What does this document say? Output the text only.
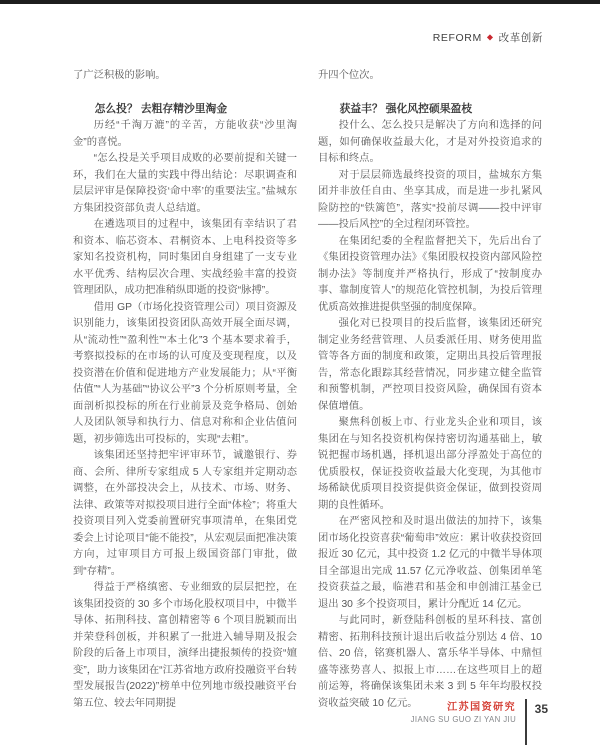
REFORM ◆ 改革创新

了广泛积极的影响。

怎么投？ 去粗存精沙里淘金

历经“千淘万漉”的辛苦，方能收获“沙里淘金”的喜悦。

“怎么投是关乎项目成败的必要前提和关键一环，我们在大量的实践中得出结论：尽职调查和层层评审是保障投资‘命中率’的重要法宝。”盐城东方集团投资部负责人总结道。

在遴选项目的过程中，该集团有幸结识了君和资本、临芯资本、君桐资本、上电科投资等多家知名投资机构，同时集团自身组建了一支专业水平优秀、结构层次合理、实战经验丰富的投资管理团队，成功把准稍纵即逝的投资“脉搏”。

借用 GP（市场化投资管理公司）项目资源及识别能力，该集团投资团队高效开展全面尽调，从“流动性”“盈利性”“本土化”3 个基本要求着手，考察拟投标的在市场的认可度及变现程度，以及投资潜在价值和促进地方产业发展能力；从“平衡估值”“人为基础”“协议公平”3 个分析原则考量，全面剖析拟投标的所在行业前景及竞争格局、创始人及团队领导和执行力、信息对称和企业估值问题，初步筛选出可投标的，实现“去粗”。

该集团还坚持把牢评审环节，诚邀银行、券商、会所、律所专家组成 5 人专家组并定期动态调整，在外部投决会上，从技术、市场、财务、法律、政策等对拟投项目进行全面“体检”；将重大投资项目列入党委前置研究事项清单，在集团党委会上讨论项目“能不能投”，从宏观层面把准决策方向，过审项目方可报上级国资部门审批，做到“存精”。

得益于严格缜密、专业细致的层层把控，在该集团投资的 30 多个市场化股权项目中，中微半导体、拓荆科技、富创精密等 6 个项目脱颖而出并荣登科创板，并积累了一批进入辅导期及报会阶段的后备上市项目，演绎出捷报频传的投资“嬗变”，助力该集团在“江苏省地方政府投融资平台转型发展报告(2022)”榜单中位列地市级投融资平台第五位、较去年同期提

升四个位次。

获益丰？ 强化风控硕果盈枝

投什么、怎么投只是解决了方向和选择的问题，如何确保收益最大化，才是对外投资追求的目标和终点。

对于层层筛选最终投资的项目，盐城东方集团并非放任自由、坐享其成，而是进一步扎紧风险防控的“铁篱笆”，落实“投前尽调——投中评审——投后风控”的全过程闭环管控。

在集团纪委的全程监督把关下，先后出台了《集团投资管理办法》《集团股权投资内部风险控制办法》等制度并严格执行，形成了“按制度办事、靠制度管人”的规范化管控机制，为投后管理优质高效推进提供坚强的制度保障。

强化对已投项目的投后监督，该集团还研究制定业务经营管理、人员委派任用、财务使用监管等各方面的制度和政策，定期出具投后管理报告，常态化跟踪其经营情况，同步建立健全监管和预警机制，严控项目投资风险，确保国有资本保值增值。

聚焦科创板上市、行业龙头企业和项目，该集团在与知名投资机构保持密切沟通基础上，敏锐把握市场机遇，择机退出部分浮盈处于高位的优质股权，保证投资收益最大化变现，为其他市场稀缺优质项目投资提供资金保证，做到投资周期的良性循环。

在严密风控和及时退出做法的加持下，该集团市场化投资喜获“葡萄串”效应：累计收获投资回报近 30 亿元，其中投资 1.2 亿元的中微半导体项目全部退出完成 11.57 亿元净收益、创集团单笔投资获益之最，临港君和基金和申创浦江基金已退出 30 多个投资项目，累计分配近 14 亿元。

与此同时，新登陆科创板的星环科技、富创精密、拓荆科技预计退出后收益分别达 4 倍、10 倍、20 倍，铭赛机器人、富乐华半导体、中鼎恒盛等涨势喜人、拟报上市……在这些项目上的超前运筹，将确保该集团未来 3 到 5 年年均股权投资收益突破 10 亿元。	江苏国资研究
JIANG SU GUO ZI YAN JIU
35
